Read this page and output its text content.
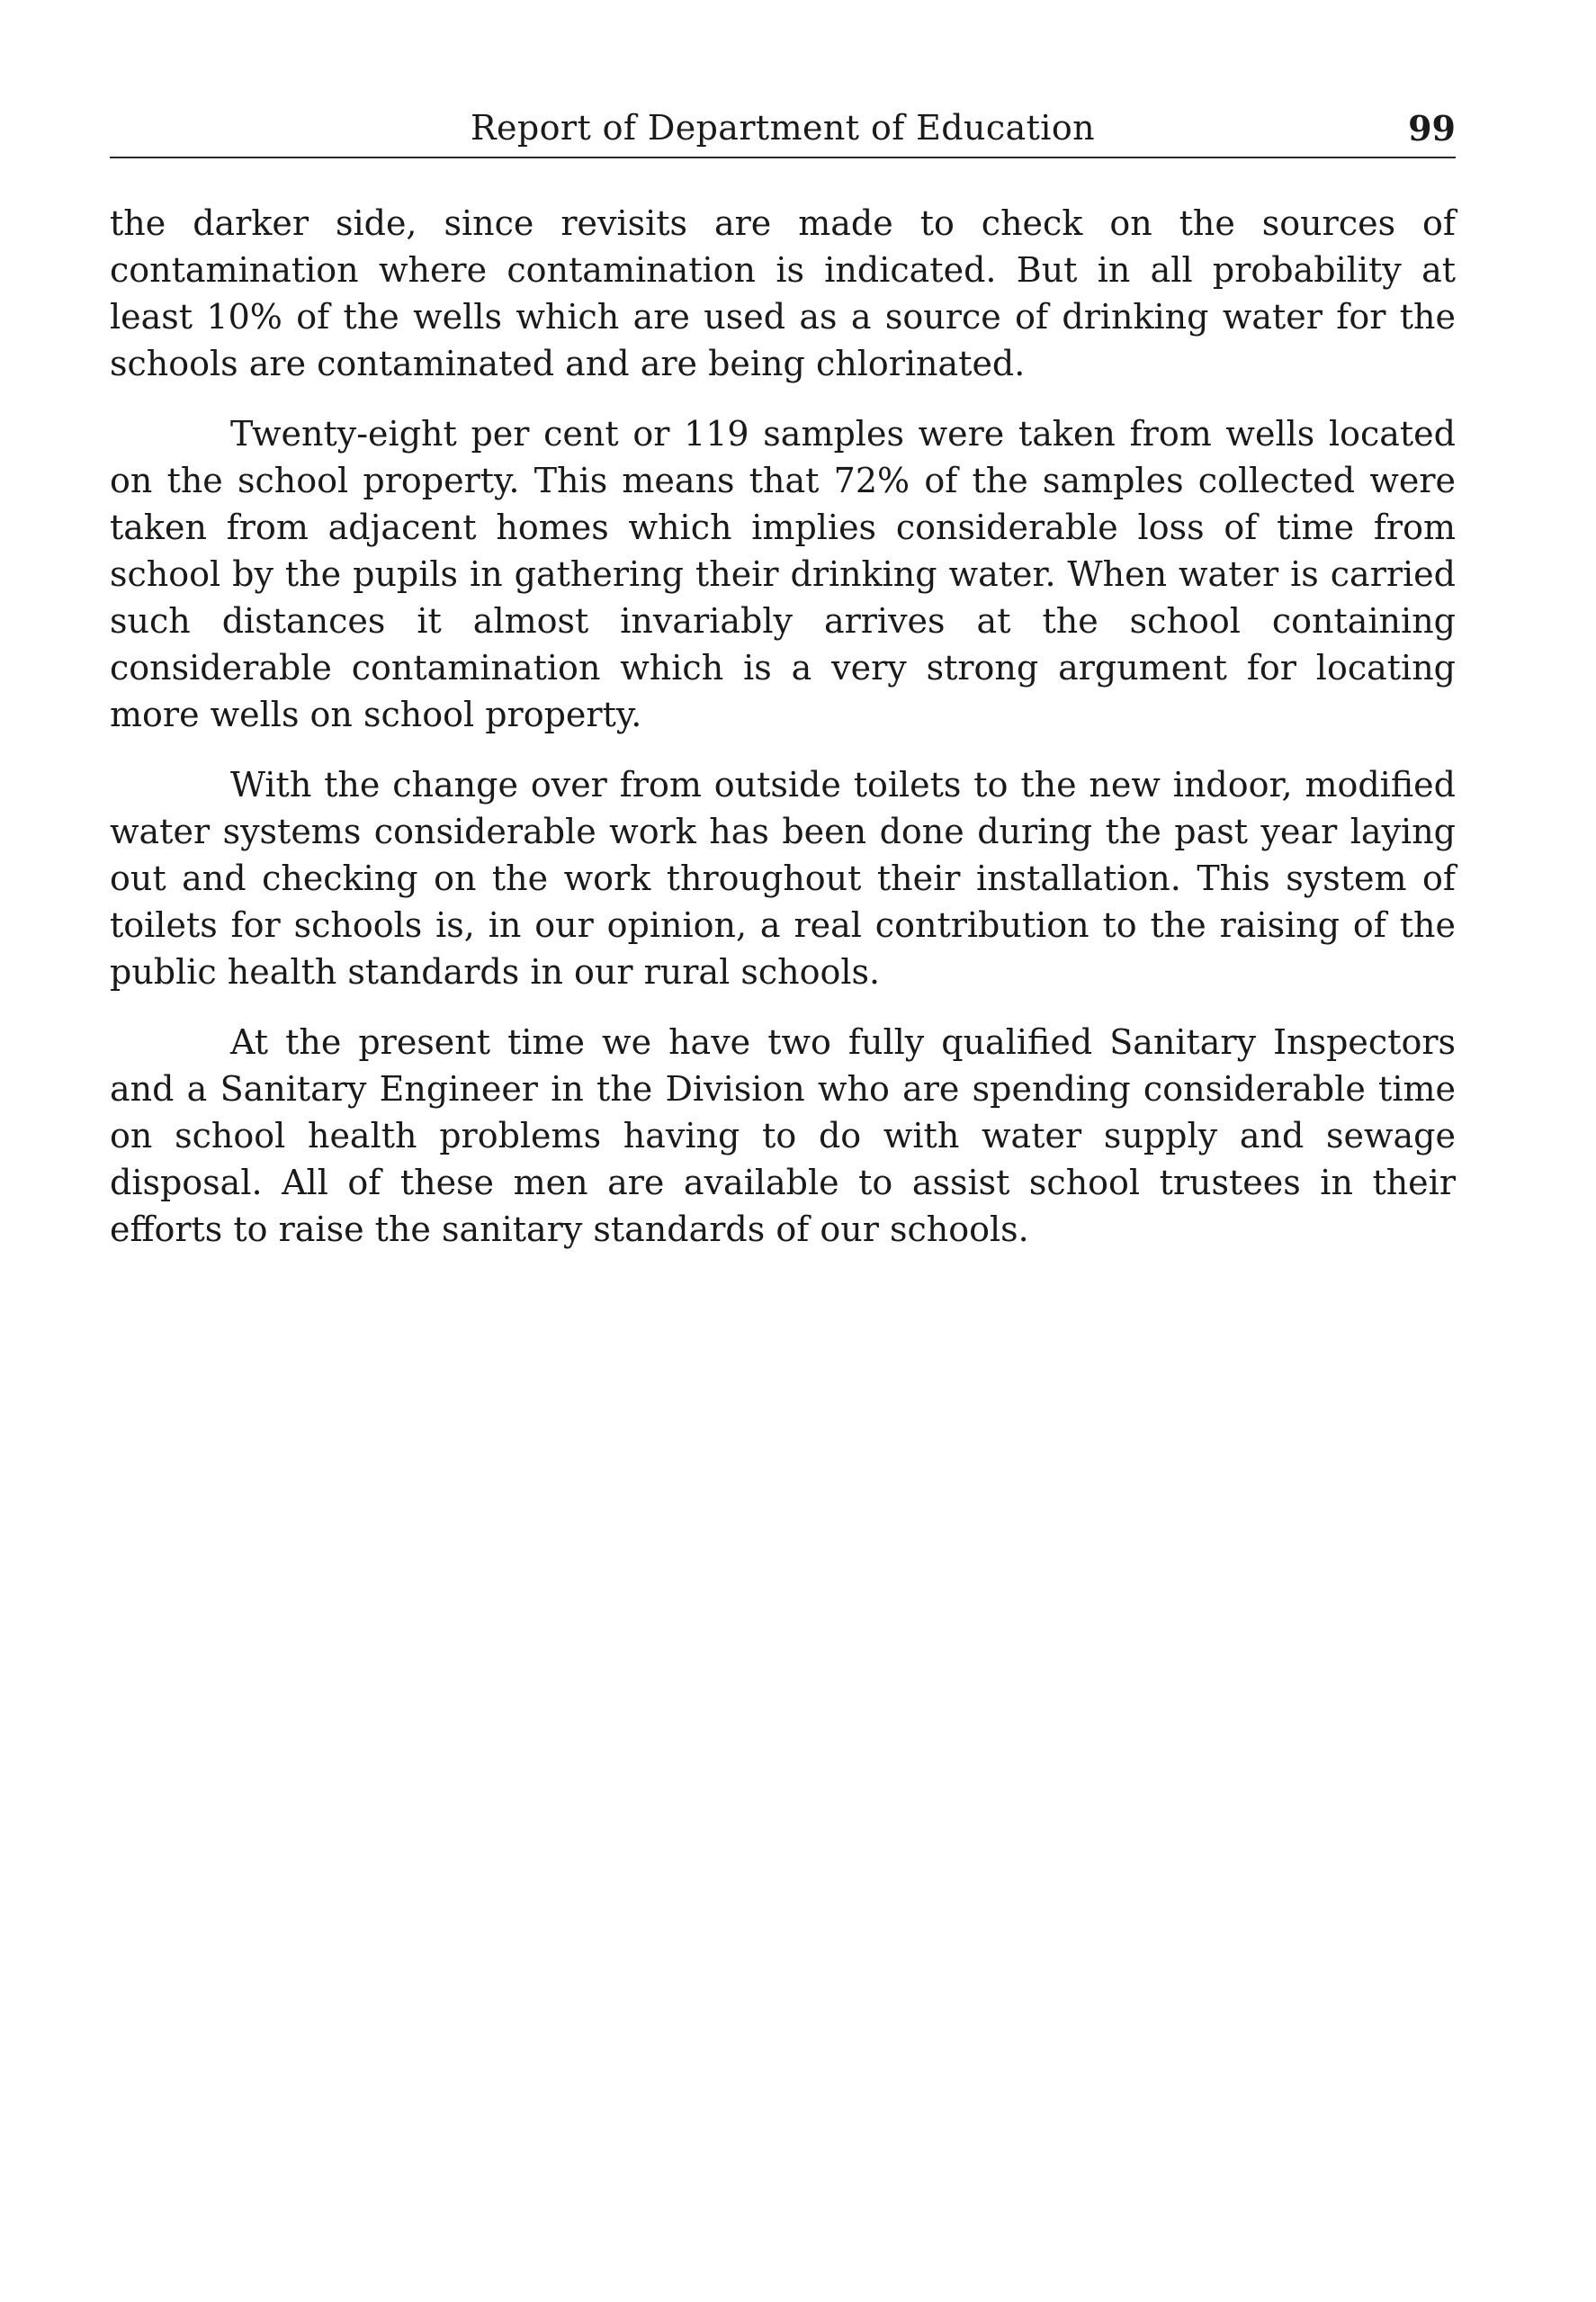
Report of Department of Education	99

the darker side, since revisits are made to check on the sources of contamination where contamination is indicated. But in all probability at least 10% of the wells which are used as a source of drinking water for the schools are contaminated and are being chlorinated.

Twenty-eight per cent or 119 samples were taken from wells located on the school property. This means that 72% of the samples collected were taken from adjacent homes which implies considerable loss of time from school by the pupils in gathering their drinking water. When water is carried such distances it almost invariably arrives at the school containing considerable contamination which is a very strong argument for locating more wells on school property.

With the change over from outside toilets to the new indoor, modified water systems considerable work has been done during the past year laying out and checking on the work throughout their installation. This system of toilets for schools is, in our opinion, a real contribution to the raising of the public health standards in our rural schools.

At the present time we have two fully qualified Sanitary Inspectors and a Sanitary Engineer in the Division who are spending considerable time on school health problems having to do with water supply and sewage disposal. All of these men are available to assist school trustees in their efforts to raise the sanitary standards of our schools.
